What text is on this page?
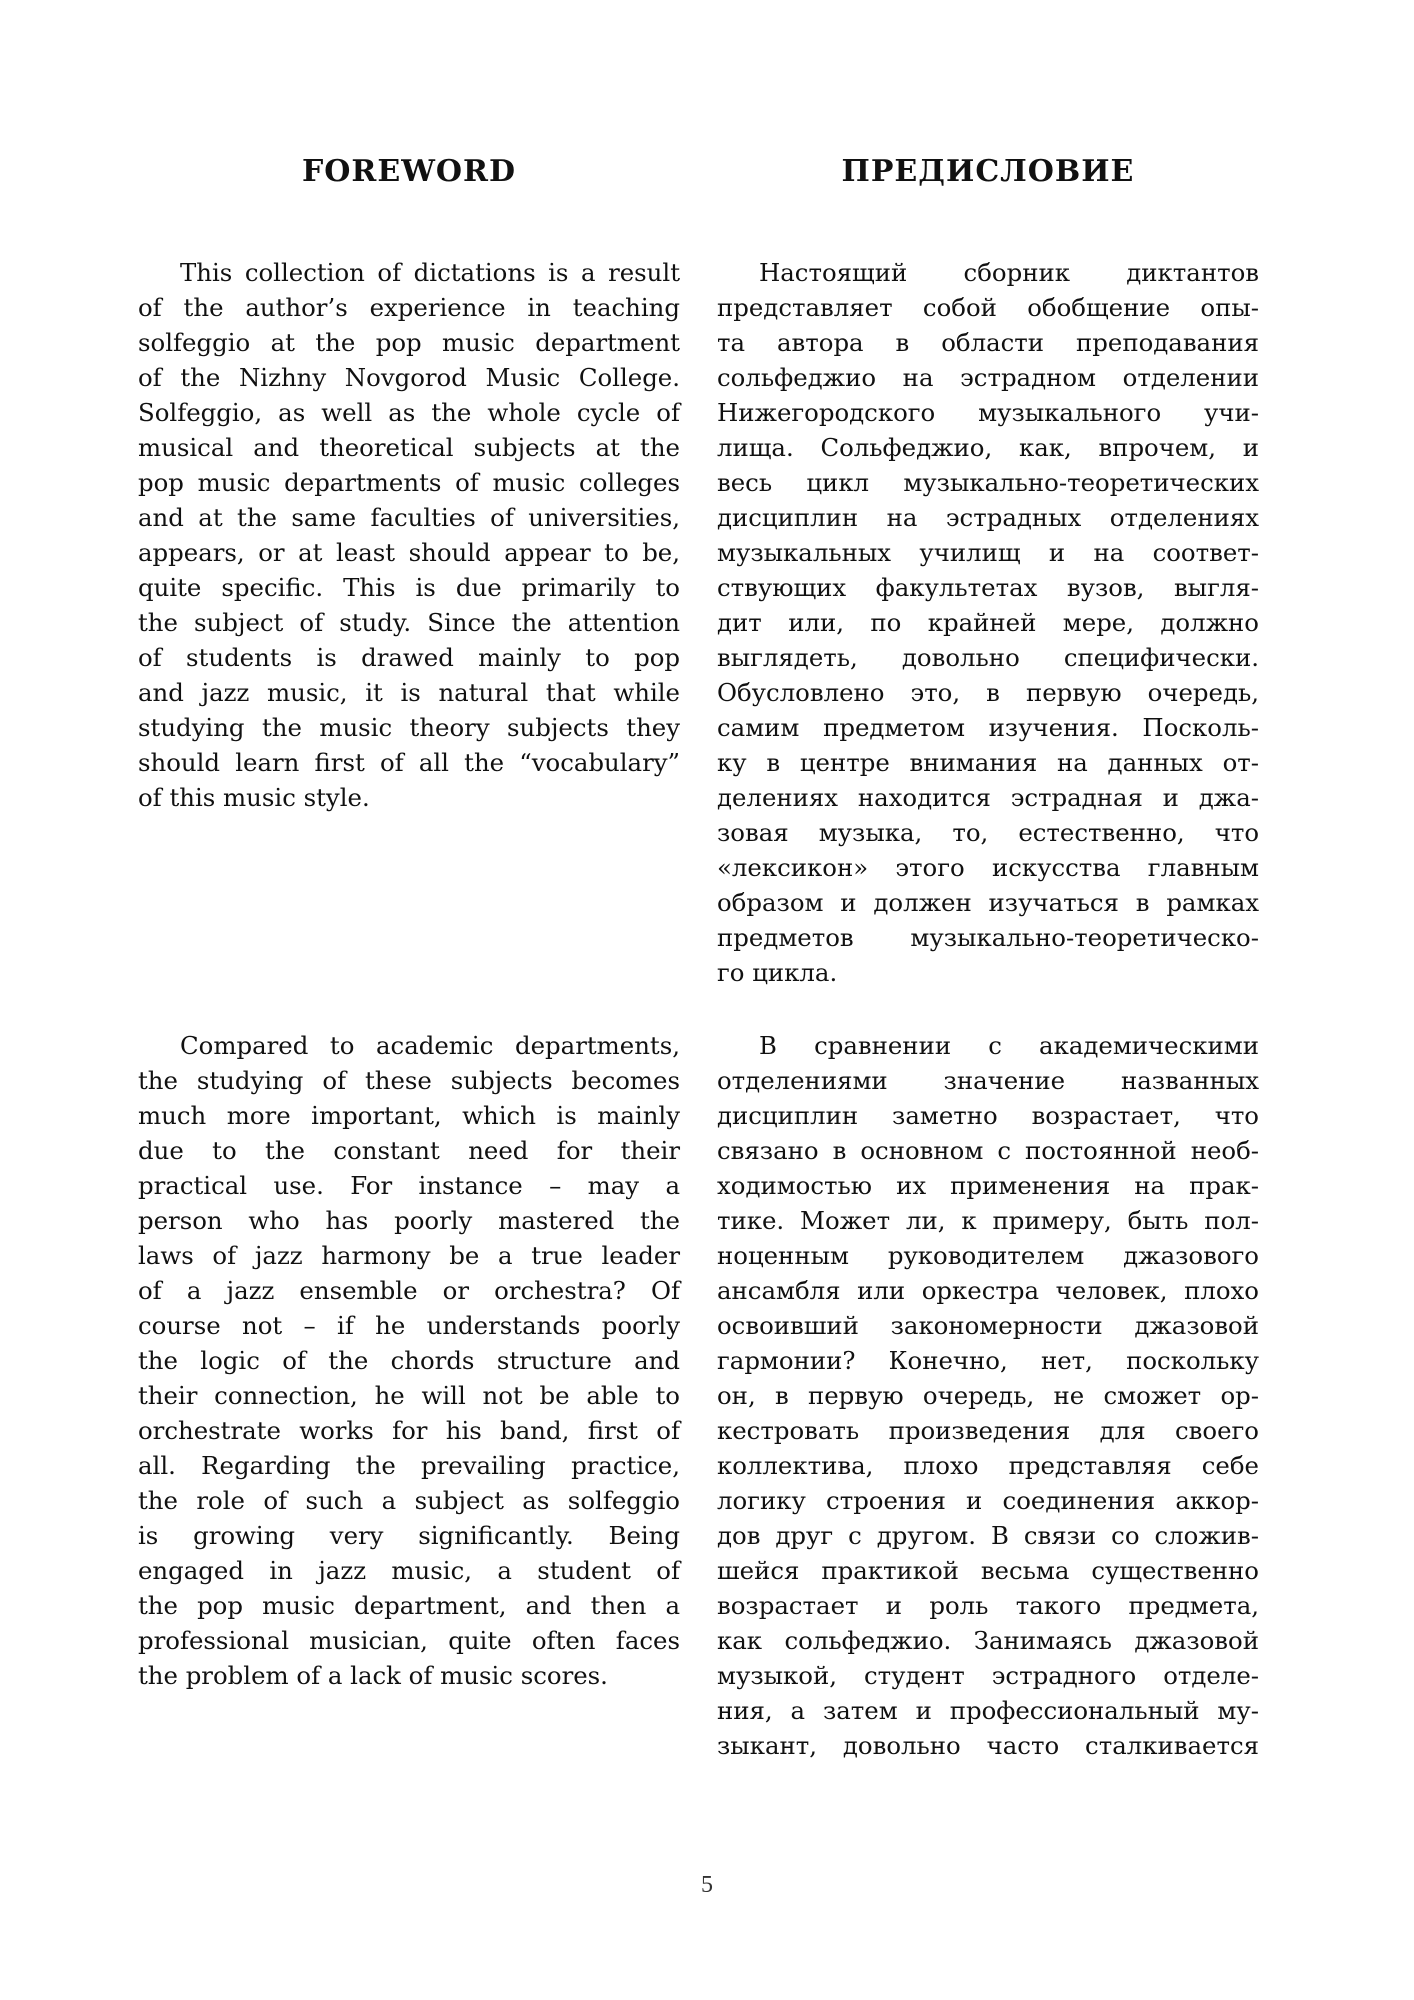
FOREWORD
This collection of dictations is a result
of the author’s experience in teaching
solfeggio at the pop music department
of the Nizhny Novgorod Music College.
Solfeggio, as well as the whole cycle of
musical and theoretical subjects at the
pop music departments of music colleges
and at the same faculties of universities,
appears, or at least should appear to be,
quite specific. This is due primarily to
the subject of study. Since the attention
of students is drawed mainly to pop
and jazz music, it is natural that while
studying the music theory subjects they
should learn first of all the “vocabulary”
of this music style.
Compared to academic departments,
the studying of these subjects becomes
much more important, which is mainly
due to the constant need for their
practical use. For instance – may a
person who has poorly mastered the
laws of jazz harmony be a true leader
of a jazz ensemble or orchestra? Of
course not – if he understands poorly
the logic of the chords structure and
their connection, he will not be able to
orchestrate works for his band, first of
all. Regarding the prevailing practice,
the role of such a subject as solfeggio
is growing very significantly. Being
engaged in jazz music, a student of
the pop music department, and then a
professional musician, quite often faces
the problem of a lack of music scores.
ПРЕДИСЛОВИЕ
Настоящий сборник диктантов
представляет собой обобщение опы-
та автора в области преподавания
сольфеджио на эстрадном отделении
Нижегородского музыкального учи-
лища. Сольфеджио, как, впрочем, и
весь цикл музыкально-теоретических
дисциплин на эстрадных отделениях
музыкальных училищ и на соответ-
ствующих факультетах вузов, выгля-
дит или, по крайней мере, должно
выглядеть, довольно специфически.
Обусловлено это, в первую очередь,
самим предметом изучения. Посколь-
ку в центре внимания на данных от-
делениях находится эстрадная и джа-
зовая музыка, то, естественно, что
«лексикон» этого искусства главным
образом и должен изучаться в рамках
предметов музыкально-теоретическо-
го цикла.
В сравнении с академическими
отделениями значение названных
дисциплин заметно возрастает, что
связано в основном с постоянной необ-
ходимостью их применения на прак-
тике. Может ли, к примеру, быть пол-
ноценным руководителем джазового
ансамбля или оркестра человек, плохо
освоивший закономерности джазовой
гармонии? Конечно, нет, поскольку
он, в первую очередь, не сможет ор-
кестровать произведения для своего
коллектива, плохо представляя себе
логику строения и соединения аккор-
дов друг с другом. В связи со сложив-
шейся практикой весьма существенно
возрастает и роль такого предмета,
как сольфеджио. Занимаясь джазовой
музыкой, студент эстрадного отделе-
ния, а затем и профессиональный му-
зыкант, довольно часто сталкивается
5
